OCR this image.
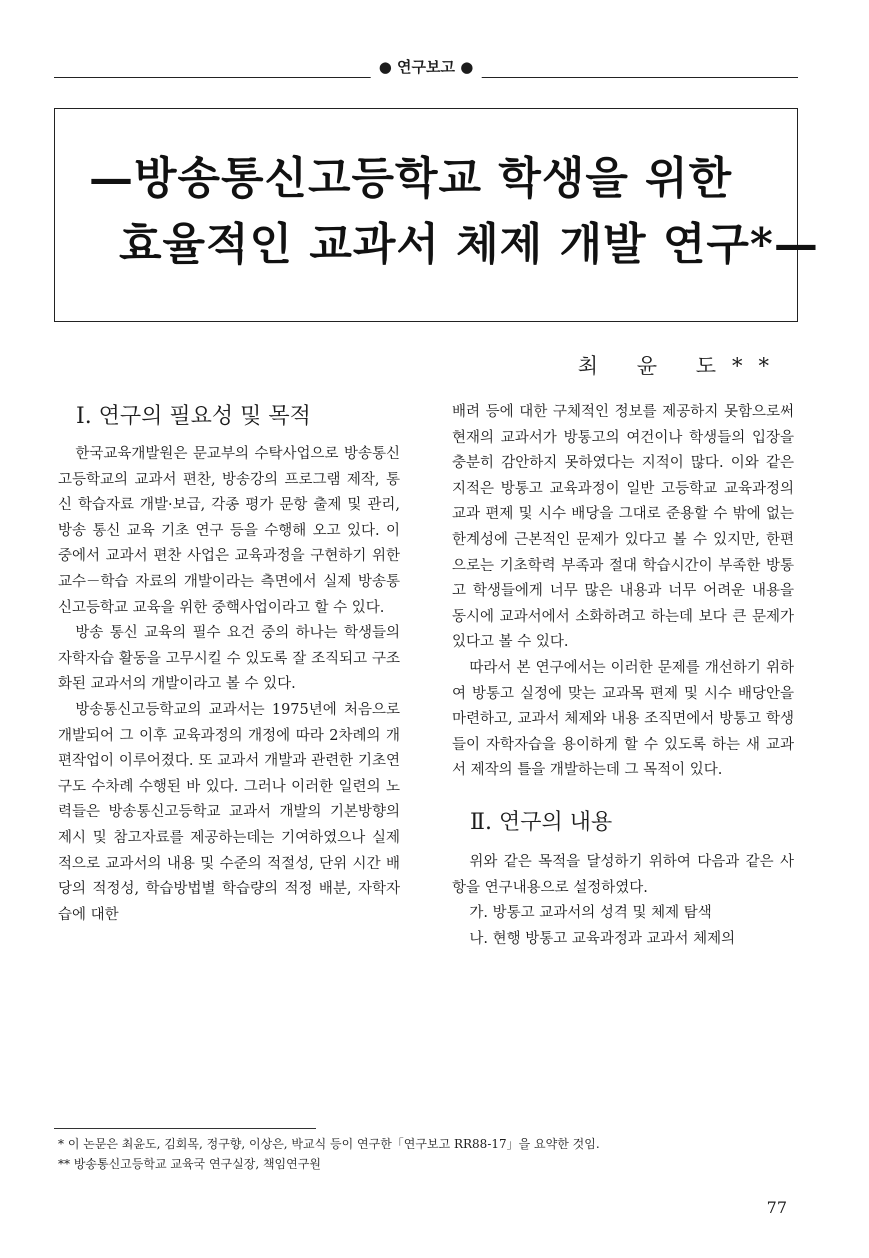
● 연구보고 ●
—방송통신고등학교 학생을 위한
효율적인 교과서 체제 개발 연구*—
최 윤 도**
Ⅰ. 연구의 필요성 및 목적

한국교육개발원은 문교부의 수탁사업으로 방송통신고등학교의 교과서 편찬, 방송강의 프로그램 제작, 통신 학습자료 개발·보급, 각종 평가 문항 출제 및 관리, 방송 통신 교육 기초 연구 등을 수행해 오고 있다. 이 중에서 교과서 편찬 사업은 교육과정을 구현하기 위한 교수－학습 자료의 개발이라는 측면에서 실제 방송통신고등학교 교육을 위한 중핵사업이라고 할 수 있다.

방송 통신 교육의 필수 요건 중의 하나는 학생들의 자학자습 활동을 고무시킬 수 있도록 잘 조직되고 구조화된 교과서의 개발이라고 볼 수 있다.

방송통신고등학교의 교과서는 1975년에 처음으로 개발되어 그 이후 교육과정의 개정에 따라 2차례의 개편작업이 이루어졌다. 또 교과서 개발과 관련한 기초연구도 수차례 수행된 바 있다. 그러나 이러한 일련의 노력들은 방송통신고등학교 교과서 개발의 기본방향의 제시 및 참고자료를 제공하는데는 기여하였으나 실제적으로 교과서의 내용 및 수준의 적절성, 단위 시간 배당의 적정성, 학습방법별 학습량의 적정 배분, 자학자습에 대한

배려 등에 대한 구체적인 정보를 제공하지 못함으로써 현재의 교과서가 방통고의 여건이나 학생들의 입장을 충분히 감안하지 못하였다는 지적이 많다. 이와 같은 지적은 방통고 교육과정이 일반 고등학교 교육과정의 교과 편제 및 시수 배당을 그대로 준용할 수 밖에 없는 한계성에 근본적인 문제가 있다고 볼 수 있지만, 한편으로는 기초학력 부족과 절대 학습시간이 부족한 방통고 학생들에게 너무 많은 내용과 너무 어려운 내용을 동시에 교과서에서 소화하려고 하는데 보다 큰 문제가 있다고 볼 수 있다.

따라서 본 연구에서는 이러한 문제를 개선하기 위하여 방통고 실정에 맞는 교과목 편제 및 시수 배당안을 마련하고, 교과서 체제와 내용 조직면에서 방통고 학생들이 자학자습을 용이하게 할 수 있도록 하는 새 교과서 제작의 틀을 개발하는데 그 목적이 있다.

Ⅱ. 연구의 내용

위와 같은 목적을 달성하기 위하여 다음과 같은 사항을 연구내용으로 설정하였다.

가. 방통고 교과서의 성격 및 체제 탐색

나. 현행 방통고 교육과정과 교과서 체제의

* 이 논문은 최윤도, 김회목, 정구향, 이상은, 박교식 등이 연구한「연구보고 RR88-17」을 요약한 것임.

** 방송통신고등학교 교육국 연구실장, 책임연구원

77
